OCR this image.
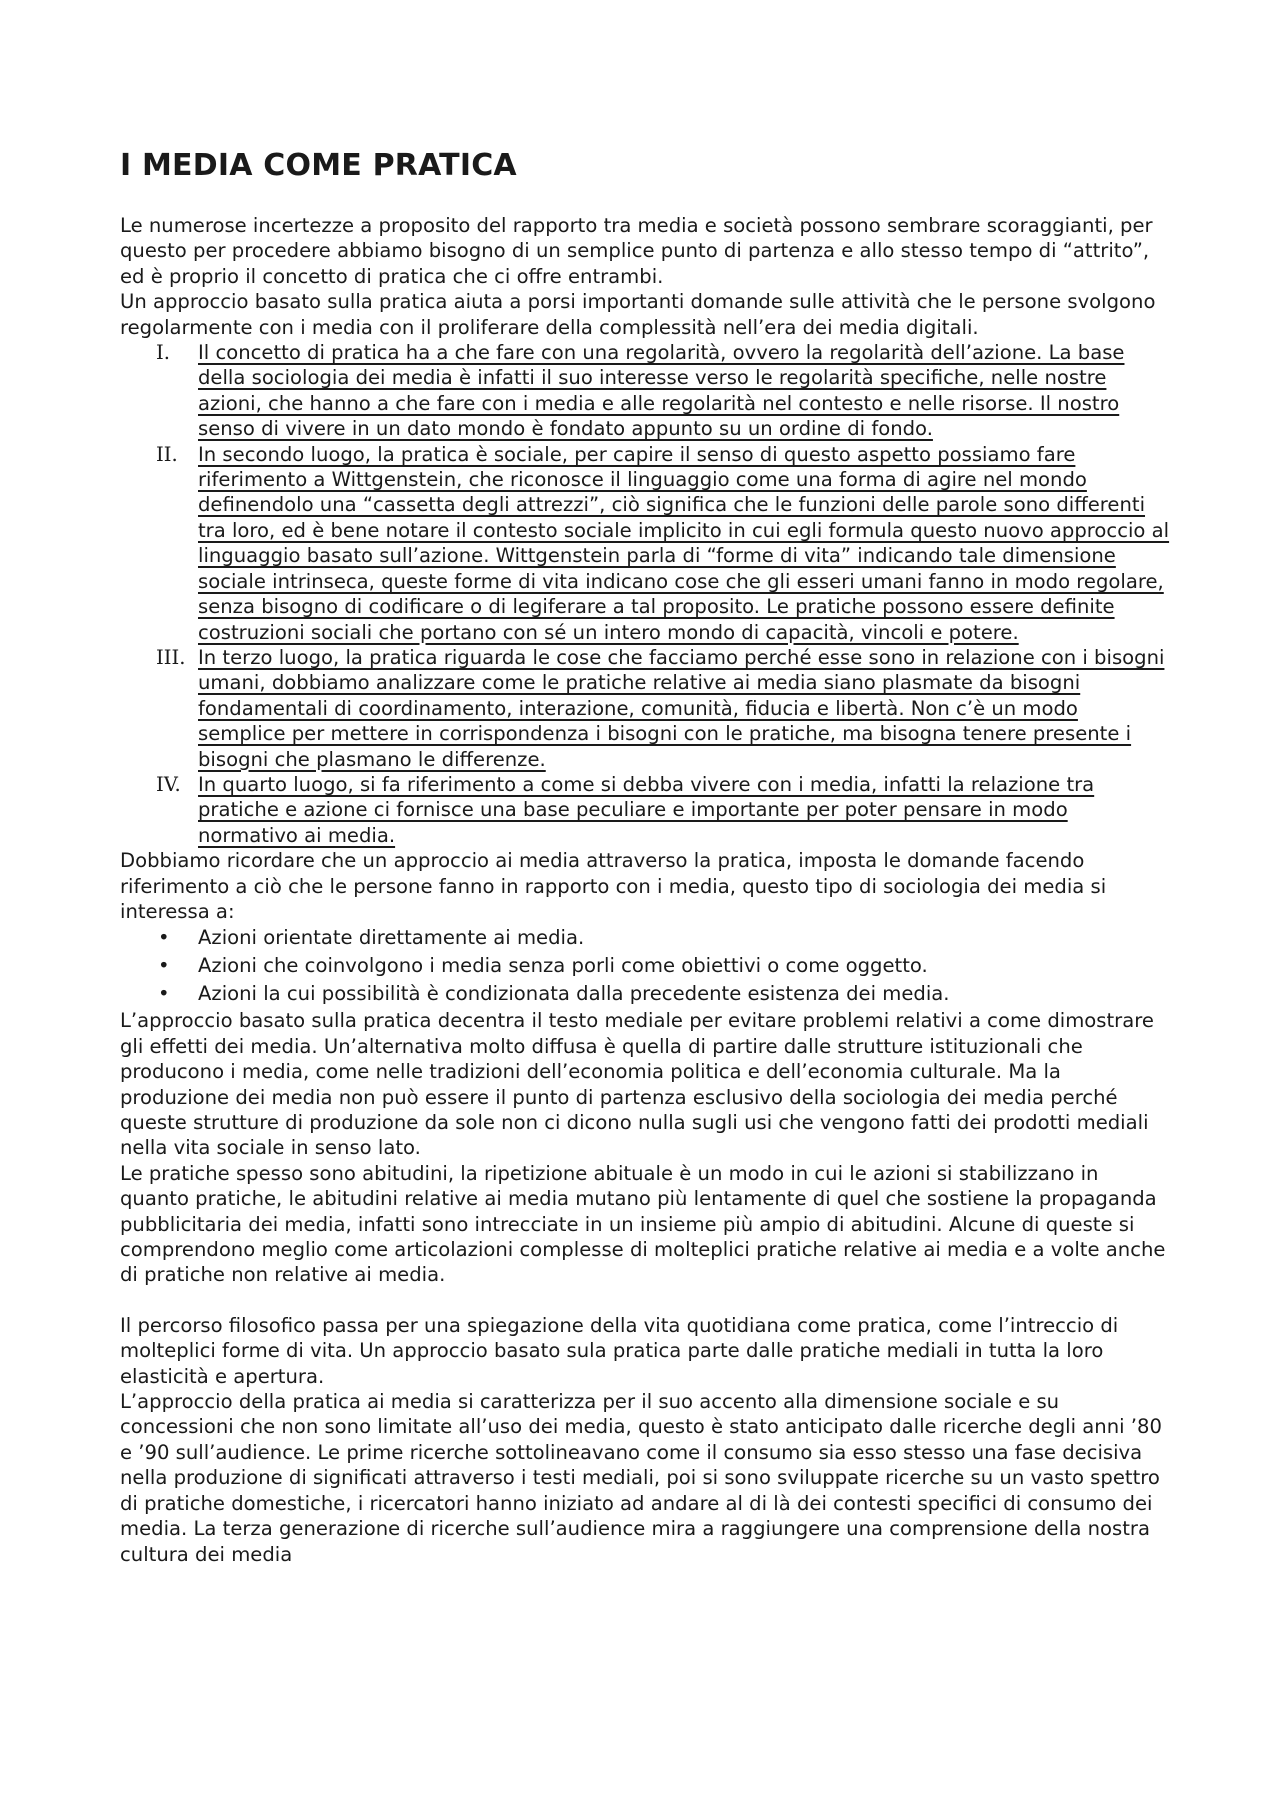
I MEDIA COME PRATICA

Le numerose incertezze a proposito del rapporto tra media e società possono sembrare scoraggianti, per questo per procedere abbiamo bisogno di un semplice punto di partenza e allo stesso tempo di “attrito”, ed è proprio il concetto di pratica che ci offre entrambi.

Un approccio basato sulla pratica aiuta a porsi importanti domande sulle attività che le persone svolgono regolarmente con i media con il proliferare della complessità nell’era dei media digitali.

I. Il concetto di pratica ha a che fare con una regolarità, ovvero la regolarità dell’azione. La base della sociologia dei media è infatti il suo interesse verso le regolarità specifiche, nelle nostre azioni, che hanno a che fare con i media e alle regolarità nel contesto e nelle risorse. Il nostro senso di vivere in un dato mondo è fondato appunto su un ordine di fondo.
II. In secondo luogo, la pratica è sociale, per capire il senso di questo aspetto possiamo fare riferimento a Wittgenstein, che riconosce il linguaggio come una forma di agire nel mondo definendolo una “cassetta degli attrezzi”, ciò significa che le funzioni delle parole sono differenti tra loro, ed è bene notare il contesto sociale implicito in cui egli formula questo nuovo approccio al linguaggio basato sull’azione. Wittgenstein parla di “forme di vita” indicando tale dimensione sociale intrinseca, queste forme di vita indicano cose che gli esseri umani fanno in modo regolare, senza bisogno di codificare o di legiferare a tal proposito. Le pratiche possono essere definite costruzioni sociali che portano con sé un intero mondo di capacità, vincoli e potere.
III. In terzo luogo, la pratica riguarda le cose che facciamo perché esse sono in relazione con i bisogni umani, dobbiamo analizzare come le pratiche relative ai media siano plasmate da bisogni fondamentali di coordinamento, interazione, comunità, fiducia e libertà. Non c’è un modo semplice per mettere in corrispondenza i bisogni con le pratiche, ma bisogna tenere presente i bisogni che plasmano le differenze.
IV. In quarto luogo, si fa riferimento a come si debba vivere con i media, infatti la relazione tra pratiche e azione ci fornisce una base peculiare e importante per poter pensare in modo normativo ai media.

Dobbiamo ricordare che un approccio ai media attraverso la pratica, imposta le domande facendo riferimento a ciò che le persone fanno in rapporto con i media, questo tipo di sociologia dei media si interessa a:

• Azioni orientate direttamente ai media.
• Azioni che coinvolgono i media senza porli come obiettivi o come oggetto.
• Azioni la cui possibilità è condizionata dalla precedente esistenza dei media.

L’approccio basato sulla pratica decentra il testo mediale per evitare problemi relativi a come dimostrare gli effetti dei media. Un’alternativa molto diffusa è quella di partire dalle strutture istituzionali che producono i media, come nelle tradizioni dell’economia politica e dell’economia culturale. Ma la produzione dei media non può essere il punto di partenza esclusivo della sociologia dei media perché queste strutture di produzione da sole non ci dicono nulla sugli usi che vengono fatti dei prodotti mediali nella vita sociale in senso lato.

Le pratiche spesso sono abitudini, la ripetizione abituale è un modo in cui le azioni si stabilizzano in quanto pratiche, le abitudini relative ai media mutano più lentamente di quel che sostiene la propaganda pubblicitaria dei media, infatti sono intrecciate in un insieme più ampio di abitudini. Alcune di queste si comprendono meglio come articolazioni complesse di molteplici pratiche relative ai media e a volte anche di pratiche non relative ai media.

Il percorso filosofico passa per una spiegazione della vita quotidiana come pratica, come l’intreccio di molteplici forme di vita. Un approccio basato sula pratica parte dalle pratiche mediali in tutta la loro elasticità e apertura.

L’approccio della pratica ai media si caratterizza per il suo accento alla dimensione sociale e su concessioni che non sono limitate all’uso dei media, questo è stato anticipato dalle ricerche degli anni ’80 e ’90 sull’audience. Le prime ricerche sottolineavano come il consumo sia esso stesso una fase decisiva nella produzione di significati attraverso i testi mediali, poi si sono sviluppate ricerche su un vasto spettro di pratiche domestiche, i ricercatori hanno iniziato ad andare al di là dei contesti specifici di consumo dei media. La terza generazione di ricerche sull’audience mira a raggiungere una comprensione della nostra cultura dei media
